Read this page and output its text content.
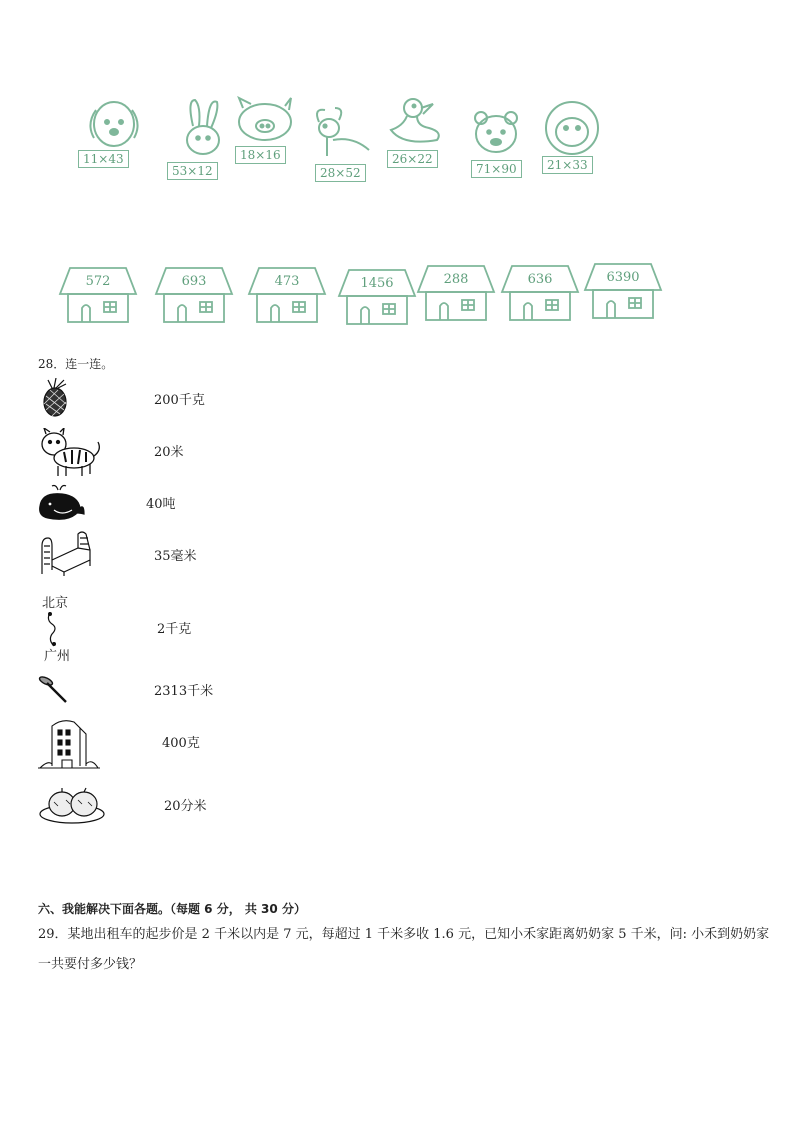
11×43
53×12
18×16
28×52
26×22
71×90	21×33
572	693	473	1456	288	636	6390
28．连一连。
200千克
20米
40吨
35毫米
北京
广州
2千克
2313千米
400克
20分米
六、我能解决下面各题。（每题 6 分， 共 30 分）
29．某地出租车的起步价是 2 千米以内是 7 元，每超过 1 千米多收 1.6 元，已知小禾家距离奶奶家 5 千米，问: 小禾到奶奶家一共要付多少钱？
